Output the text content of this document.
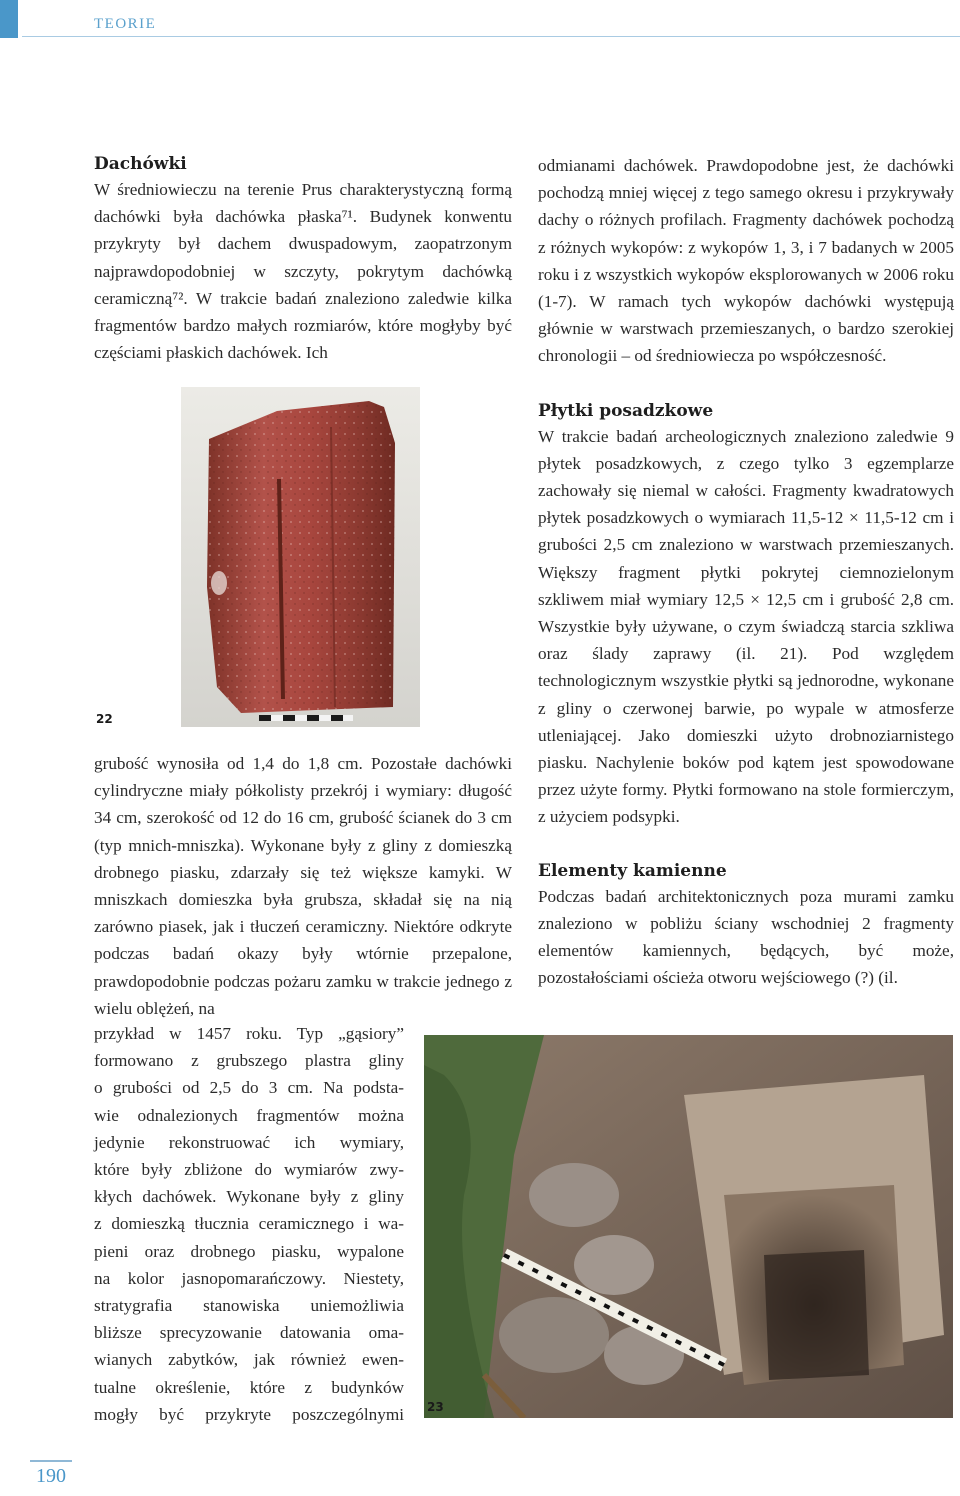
TEORIE
Dachówki

W średniowieczu na terenie Prus charakterystyczną formą dachówki była dachówka płaska⁷¹. Budynek konwentu przykryty był dachem dwuspadowym, zaopatrzonym najprawdopodobniej w szczyty, pokrytym dachówką ceramiczną⁷². W trakcie badań znaleziono zaledwie kilka fragmentów bardzo małych rozmiarów, które mogłyby być częściami płaskich dachówek. Ich

22

grubość wynosiła od 1,4 do 1,8 cm. Pozostałe dachówki cylindryczne miały półkolisty przekrój i wymiary: długość 34 cm, szerokość od 12 do 16 cm, grubość ścianek do 3 cm (typ mnich-mniszka). Wykonane były z gliny z domieszką drobnego piasku, zdarzały się też większe kamyki. W mniszkach domieszka była grubsza, składał się na nią zarówno piasek, jak i tłuczeń ceramiczny. Niektóre odkryte podczas badań okazy były wtórnie przepalone, prawdopodobnie podczas pożaru zamku w trakcie jednego z wielu oblężeń, na

przykład w 1457 roku. Typ „gąsiory”
formowano z grubszego plastra gliny
o grubości od 2,5 do 3 cm. Na podsta-
wie odnalezionych fragmentów można
jedynie rekonstruować ich wymiary,
które były zbliżone do wymiarów zwy-
kłych dachówek. Wykonane były z gliny
z domieszką tłucznia ceramicznego i wa-
pieni oraz drobnego piasku, wypalone
na kolor jasnopomarańczowy. Niestety,
stratygrafia stanowiska uniemożliwia
bliższe sprecyzowanie datowania oma-
wianych zabytków, jak również ewen-
tualne określenie, które z budynków
mogły być przykryte poszczególnymi 23

odmianami dachówek. Prawdopodobne jest, że dachówki pochodzą mniej więcej z tego samego okresu i przykrywały dachy o różnych profilach. Fragmenty dachówek pochodzą z różnych wykopów: z wykopów 1, 3, i 7 badanych w 2005 roku i z wszystkich wykopów eksplorowanych w 2006 roku (1-7). W ramach tych wykopów dachówki występują głównie w warstwach przemieszanych, o bardzo szerokiej chronologii – od średniowiecza po współczesność.

Płytki posadzkowe

W trakcie badań archeologicznych znaleziono zaledwie 9 płytek posadzkowych, z czego tylko 3 egzemplarze zachowały się niemal w całości. Fragmenty kwadratowych płytek posadzkowych o wymiarach 11,5-12 × 11,5-12 cm i grubości 2,5 cm znaleziono w warstwach przemieszanych. Większy fragment płytki pokrytej ciemnozielonym szkliwem miał wymiary 12,5 × 12,5 cm i grubość 2,8 cm. Wszystkie były używane, o czym świadczą starcia szkliwa oraz ślady zaprawy (il. 21). Pod względem technologicznym wszystkie płytki są jednorodne, wykonane z gliny o czerwonej barwie, po wypale w atmosferze utleniającej. Jako domieszki użyto drobnoziarnistego piasku. Nachylenie boków pod kątem jest spowodowane przez użyte formy. Płytki formowano na stole formierczym, z użyciem podsypki.

Elementy kamienne

Podczas badań architektonicznych poza murami zamku znaleziono w pobliżu ściany wschodniej 2 fragmenty elementów kamiennych, będących, być może, pozostałościami ościeża otworu wejściowego (?) (il.

190
